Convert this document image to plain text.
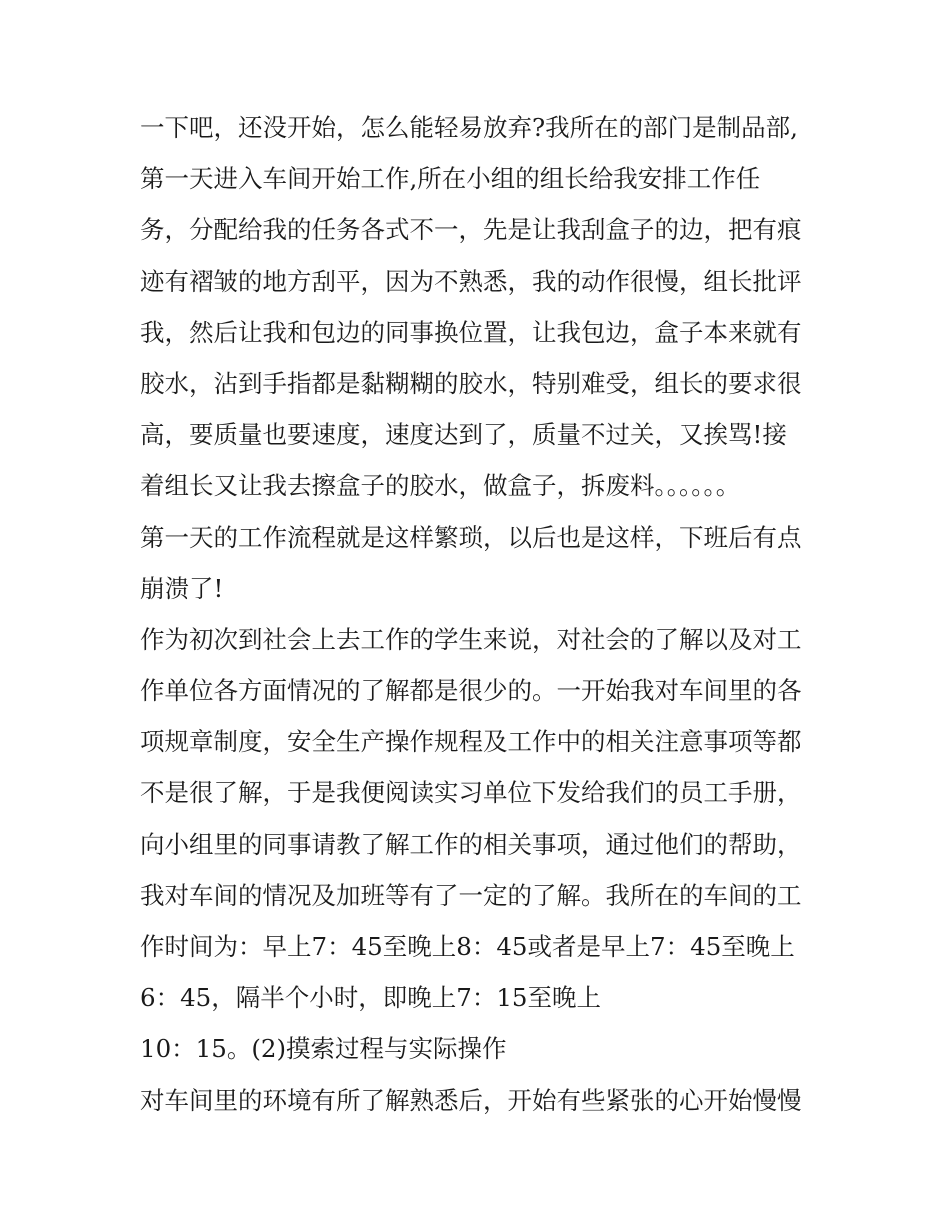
一下吧，还没开始，怎么能轻易放弃?我所在的部门是制品部,
第一天进入车间开始工作,所在小组的组长给我安排工作任
务，分配给我的任务各式不一，先是让我刮盒子的边，把有痕
迹有褶皱的地方刮平，因为不熟悉，我的动作很慢，组长批评
我，然后让我和包边的同事换位置，让我包边，盒子本来就有
胶水，沾到手指都是黏糊糊的胶水，特别难受，组长的要求很
高，要质量也要速度，速度达到了，质量不过关，又挨骂!接
着组长又让我去擦盒子的胶水，做盒子，拆废料。。。。。。
第一天的工作流程就是这样繁琐，以后也是这样，下班后有点
崩溃了!
作为初次到社会上去工作的学生来说，对社会的了解以及对工
作单位各方面情况的了解都是很少的。一开始我对车间里的各
项规章制度，安全生产操作规程及工作中的相关注意事项等都
不是很了解，于是我便阅读实习单位下发给我们的员工手册，
向小组里的同事请教了解工作的相关事项，通过他们的帮助，
我对车间的情况及加班等有了一定的了解。我所在的车间的工
作时间为：早上7：45至晚上8：45或者是早上7：45至晚上
6：45，隔半个小时，即晚上7：15至晚上
10：15。(2)摸索过程与实际操作
对车间里的环境有所了解熟悉后，开始有些紧张的心开始慢慢
